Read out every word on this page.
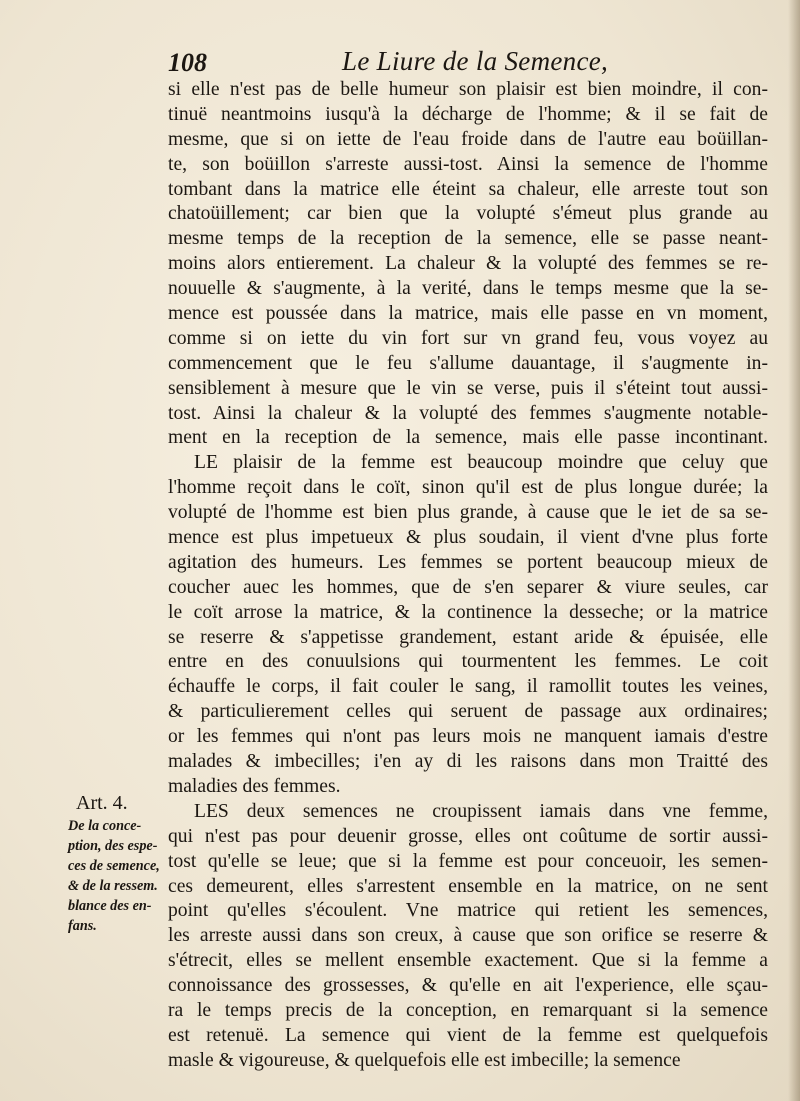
108	Le Liure de la Semence,
si elle n'est pas de belle humeur son plaisir est bien moindre, il con-
tinuë neantmoins iusqu'à la décharge de l'homme; & il se fait de
mesme, que si on iette de l'eau froide dans de l'autre eau boüillan-
te, son boüillon s'arreste aussi-tost. Ainsi la semence de l'homme
tombant dans la matrice elle éteint sa chaleur, elle arreste tout son
chatoüillement; car bien que la volupté s'émeut plus grande au
mesme temps de la reception de la semence, elle se passe neant-
moins alors entierement. La chaleur & la volupté des femmes se re-
nouuelle & s'augmente, à la verité, dans le temps mesme que la se-
mence est poussée dans la matrice, mais elle passe en vn moment,
comme si on iette du vin fort sur vn grand feu, vous voyez au
commencement que le feu s'allume dauantage, il s'augmente in-
sensiblement à mesure que le vin se verse, puis il s'éteint tout aussi-
tost. Ainsi la chaleur & la volupté des femmes s'augmente notable-
ment en la reception de la semence, mais elle passe incontinant.
LE plaisir de la femme est beaucoup moindre que celuy que
l'homme reçoit dans le coït, sinon qu'il est de plus longue durée; la
volupté de l'homme est bien plus grande, à cause que le iet de sa se-
mence est plus impetueux & plus soudain, il vient d'vne plus forte
agitation des humeurs. Les femmes se portent beaucoup mieux de
coucher auec les hommes, que de s'en separer & viure seules, car
le coït arrose la matrice, & la continence la desseche; or la matrice
se reserre & s'appetisse grandement, estant aride & épuisée, elle
entre en des conuulsions qui tourmentent les femmes. Le coit
échauffe le corps, il fait couler le sang, il ramollit toutes les veines,
& particulierement celles qui seruent de passage aux ordinaires;
or les femmes qui n'ont pas leurs mois ne manquent iamais d'estre
malades & imbecilles; i'en ay di les raisons dans mon Traitté des
maladies des femmes.
LES deux semences ne croupissent iamais dans vne femme,
qui n'est pas pour deuenir grosse, elles ont coûtume de sortir aussi-
tost qu'elle se leue; que si la femme est pour conceuoir, les semen-
ces demeurent, elles s'arrestent ensemble en la matrice, on ne sent
point qu'elles s'écoulent. Vne matrice qui retient les semences,
les arreste aussi dans son creux, à cause que son orifice se reserre &
s'étrecit, elles se mellent ensemble exactement. Que si la femme a
connoissance des grossesses, & qu'elle en ait l'experience, elle sçau-
ra le temps precis de la conception, en remarquant si la semence
est retenuë. La semence qui vient de la femme est quelquefois
masle & vigoureuse, & quelquefois elle est imbecille; la semence
Art. 4.
De la conce-
ption, des espe-
ces de semence,
& de la ressem.
blance des en-
fans.
